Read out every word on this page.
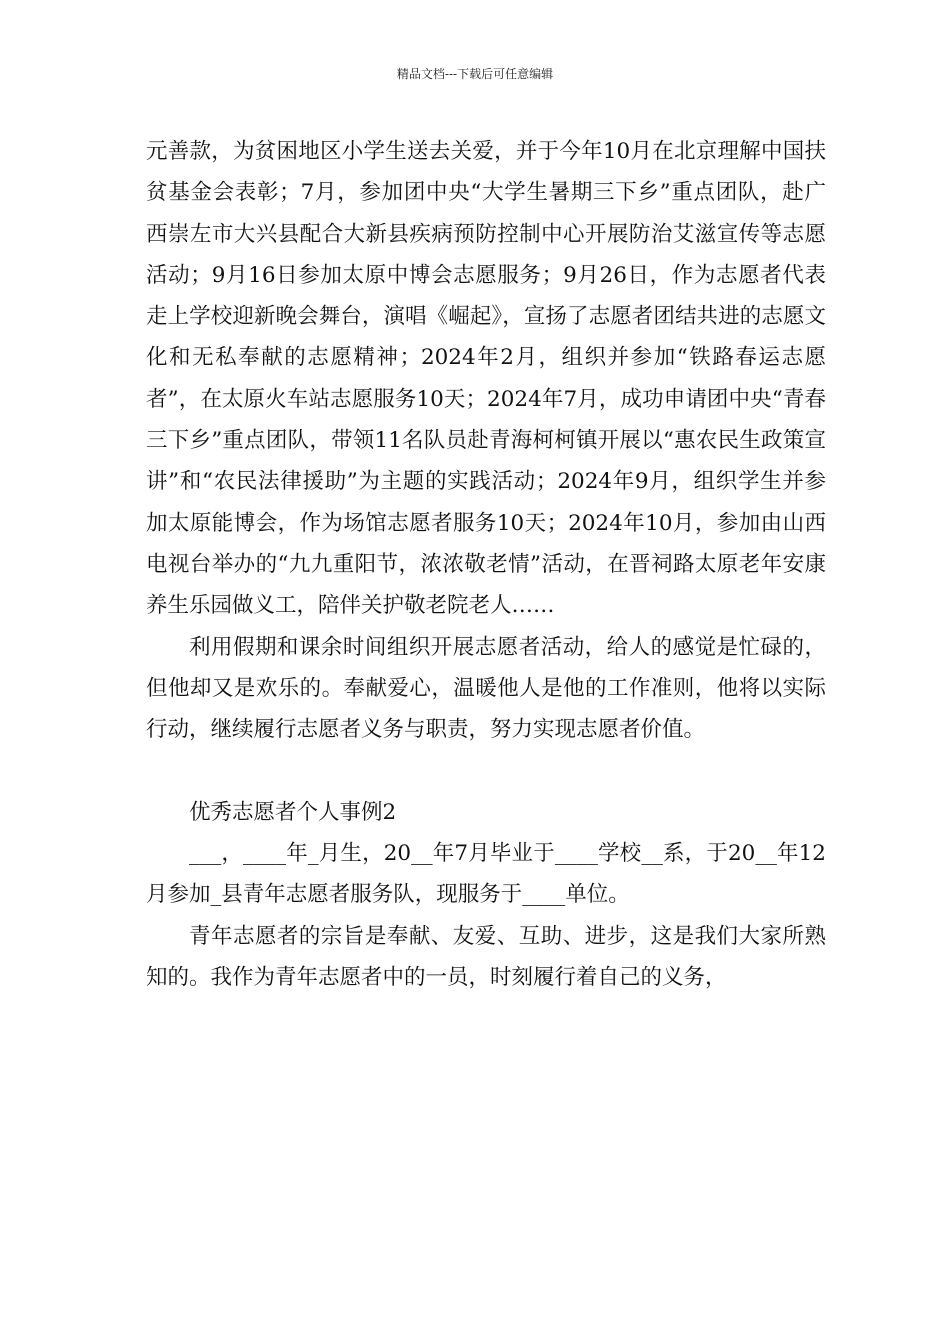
精品文档---下载后可任意编辑

元善款，为贫困地区小学生送去关爱，并于今年10月在北京理解中国扶贫基金会表彰；7月，参加团中央“大学生暑期三下乡”重点团队，赴广西崇左市大兴县配合大新县疾病预防控制中心开展防治艾滋宣传等志愿活动；9月16日参加太原中博会志愿服务；9月26日，作为志愿者代表走上学校迎新晚会舞台，演唱《崛起》，宣扬了志愿者团结共进的志愿文化和无私奉献的志愿精神；2024年2月，组织并参加“铁路春运志愿者”，在太原火车站志愿服务10天；2024年7月，成功申请团中央“青春三下乡”重点团队，带领11名队员赴青海柯柯镇开展以“惠农民生政策宣讲”和“农民法律援助”为主题的实践活动；2024年9月，组织学生并参加太原能博会，作为场馆志愿者服务10天；2024年10月，参加由山西电视台举办的“九九重阳节，浓浓敬老情”活动，在晋祠路太原老年安康养生乐园做义工，陪伴关护敬老院老人……

利用假期和课余时间组织开展志愿者活动，给人的感觉是忙碌的，但他却又是欢乐的。奉献爱心，温暖他人是他的工作准则，他将以实际行动，继续履行志愿者义务与职责，努力实现志愿者价值。

优秀志愿者个人事例2

___，____年_月生，20__年7月毕业于____学校__系，于20__年12月参加_县青年志愿者服务队，现服务于____单位。

青年志愿者的宗旨是奉献、友爱、互助、进步，这是我们大家所熟知的。我作为青年志愿者中的一员，时刻履行着自己的义务，
